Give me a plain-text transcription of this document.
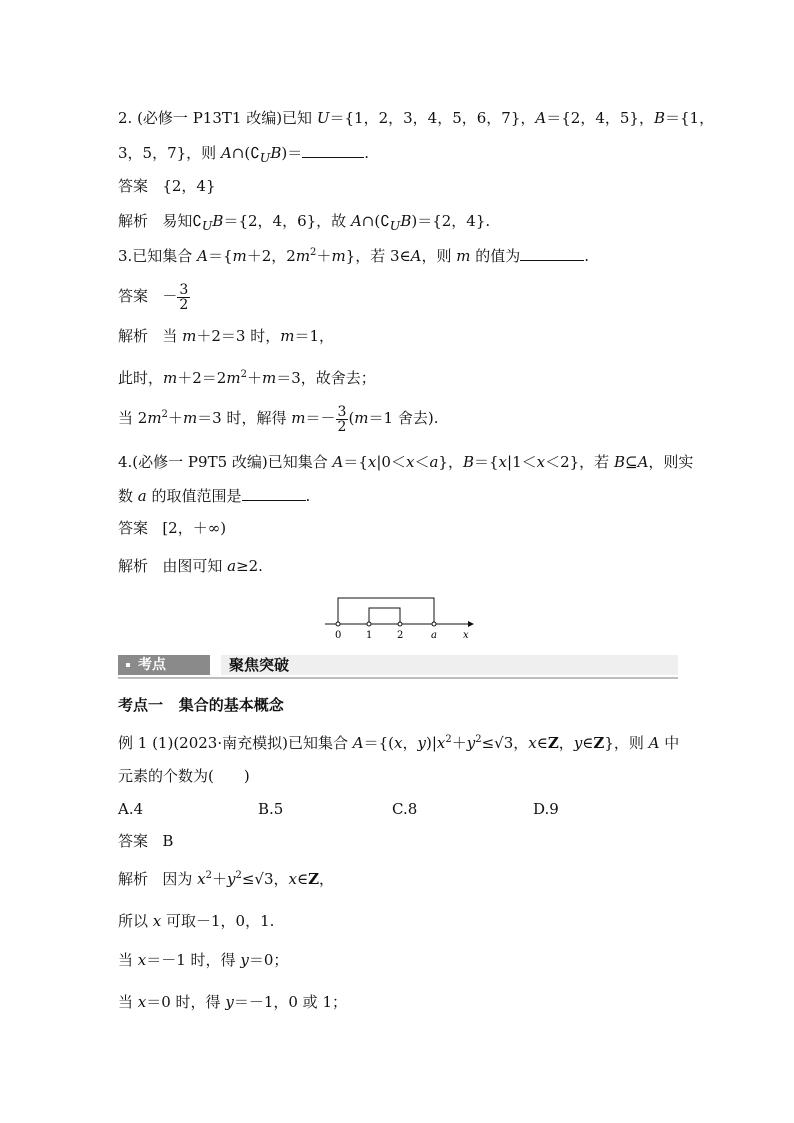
2. (必修一 P13T1 改编)已知 U＝{1，2，3，4，5，6，7}，A＝{2，4，5}，B＝{1，
3，5，7}，则 $A\cap(∁_UB)=$	.
答案 {2，4}
解析 易知$∁_UB=\{2$，4，6}，故 $A\cap(∁_UB)=\{2$，4}.
3.已知集合 A＝{m＋2，$2m^2+m$}，若 3∈A，则 m 的值为	.
答案 － $\frac{3}{2}$
解析 当 m＋2＝3 时，m＝1，
此时，$m+2=2m^2+m=3$，故舍去；
当 $2m^2+m=3$ 时，解得 $m=- \frac{3}{2} (m=1$ 舍去).
4.(必修一 P9T5 改编)已知集合 A＝{x|0＜x＜a}，B＝{x|1＜x＜2}，若 B⊆A，则实
数 a 的取值范围是	.
答案 [2，＋∞)
解析 由图可知 a≥2.
0 1 2	a	x
考点	聚焦突破
考点一 集合的基本概念
例 1 (1)(2023·南充模拟)已知集合 A＝{(x，$y)|x^2+y^2\le√3$，x∈Z，y∈Z}，则 A 中
元素的个数为(　　)
A.4	B.5	C.8	D.9
答案 B
解析 因为 $x^2+y^2\le√3$，x∈Z，
所以 x 可取－1，0，1.
当 x＝－1 时，得 y＝0；
当 x＝0 时，得 y＝－1，0 或 1；
